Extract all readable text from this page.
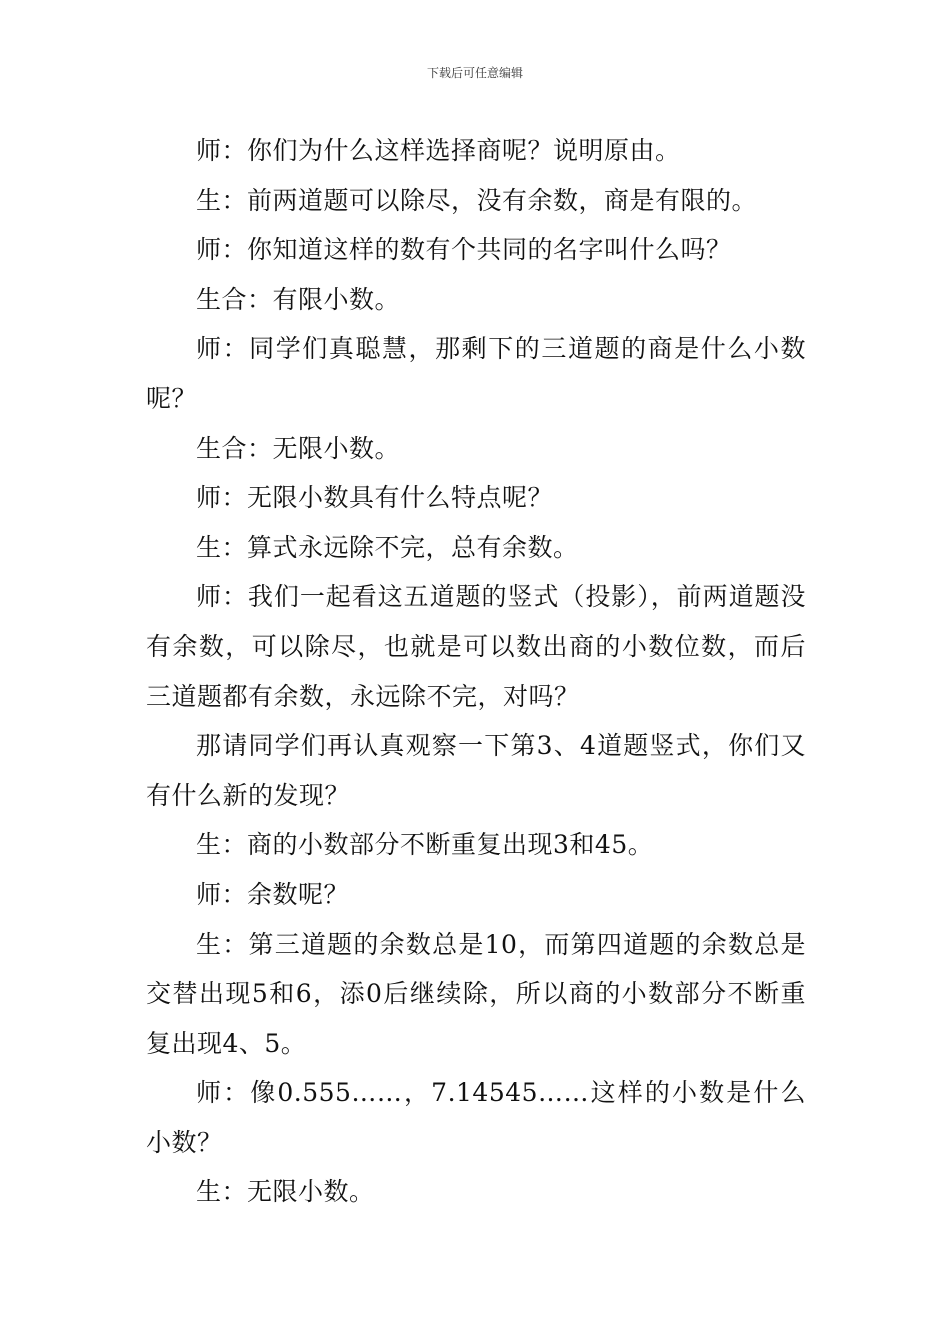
下载后可任意编辑

师：你们为什么这样选择商呢？说明原由。

生：前两道题可以除尽，没有余数，商是有限的。

师：你知道这样的数有个共同的名字叫什么吗？

生合：有限小数。

师：同学们真聪慧，那剩下的三道题的商是什么小数呢？

生合：无限小数。

师：无限小数具有什么特点呢？

生：算式永远除不完，总有余数。

师：我们一起看这五道题的竖式（投影），前两道题没有余数，可以除尽，也就是可以数出商的小数位数，而后三道题都有余数，永远除不完，对吗？

那请同学们再认真观察一下第3、4道题竖式，你们又有什么新的发现？

生：商的小数部分不断重复出现3和45。

师：余数呢？

生：第三道题的余数总是10，而第四道题的余数总是交替出现5和6，添0后继续除，所以商的小数部分不断重复出现4、5。

师：像0.555……，7.14545……这样的小数是什么小数？

生：无限小数。
